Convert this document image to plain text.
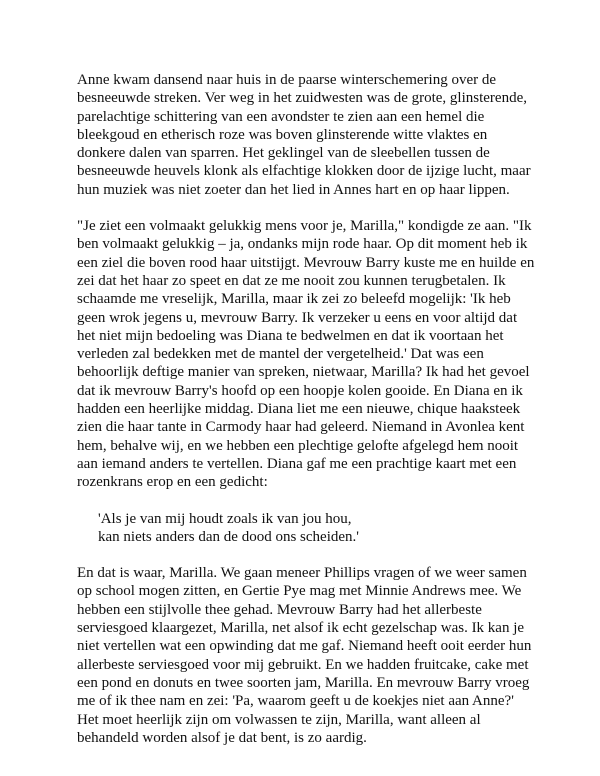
Anne kwam dansend naar huis in de paarse winterschemering over de
besneeuwde streken. Ver weg in het zuidwesten was de grote, glinsterende,
parelachtige schittering van een avondster te zien aan een hemel die
bleekgoud en etherisch roze was boven glinsterende witte vlaktes en
donkere dalen van sparren. Het geklingel van de sleebellen tussen de
besneeuwde heuvels klonk als elfachtige klokken door de ijzige lucht, maar
hun muziek was niet zoeter dan het lied in Annes hart en op haar lippen.

"Je ziet een volmaakt gelukkig mens voor je, Marilla," kondigde ze aan. "Ik
ben volmaakt gelukkig – ja, ondanks mijn rode haar. Op dit moment heb ik
een ziel die boven rood haar uitstijgt. Mevrouw Barry kuste me en huilde en
zei dat het haar zo speet en dat ze me nooit zou kunnen terugbetalen. Ik
schaamde me vreselijk, Marilla, maar ik zei zo beleefd mogelijk: 'Ik heb
geen wrok jegens u, mevrouw Barry. Ik verzeker u eens en voor altijd dat
het niet mijn bedoeling was Diana te bedwelmen en dat ik voortaan het
verleden zal bedekken met de mantel der vergetelheid.' Dat was een
behoorlijk deftige manier van spreken, nietwaar, Marilla? Ik had het gevoel
dat ik mevrouw Barry's hoofd op een hoopje kolen gooide. En Diana en ik
hadden een heerlijke middag. Diana liet me een nieuwe, chique haaksteek
zien die haar tante in Carmody haar had geleerd. Niemand in Avonlea kent
hem, behalve wij, en we hebben een plechtige gelofte afgelegd hem nooit
aan iemand anders te vertellen. Diana gaf me een prachtige kaart met een
rozenkrans erop en een gedicht:

'Als je van mij houdt zoals ik van jou hou,
kan niets anders dan de dood ons scheiden.'

En dat is waar, Marilla. We gaan meneer Phillips vragen of we weer samen
op school mogen zitten, en Gertie Pye mag met Minnie Andrews mee. We
hebben een stijlvolle thee gehad. Mevrouw Barry had het allerbeste
serviesgoed klaargezet, Marilla, net alsof ik echt gezelschap was. Ik kan je
niet vertellen wat een opwinding dat me gaf. Niemand heeft ooit eerder hun
allerbeste serviesgoed voor mij gebruikt. En we hadden fruitcake, cake met
een pond en donuts en twee soorten jam, Marilla. En mevrouw Barry vroeg
me of ik thee nam en zei: 'Pa, waarom geeft u de koekjes niet aan Anne?'
Het moet heerlijk zijn om volwassen te zijn, Marilla, want alleen al
behandeld worden alsof je dat bent, is zo aardig.
